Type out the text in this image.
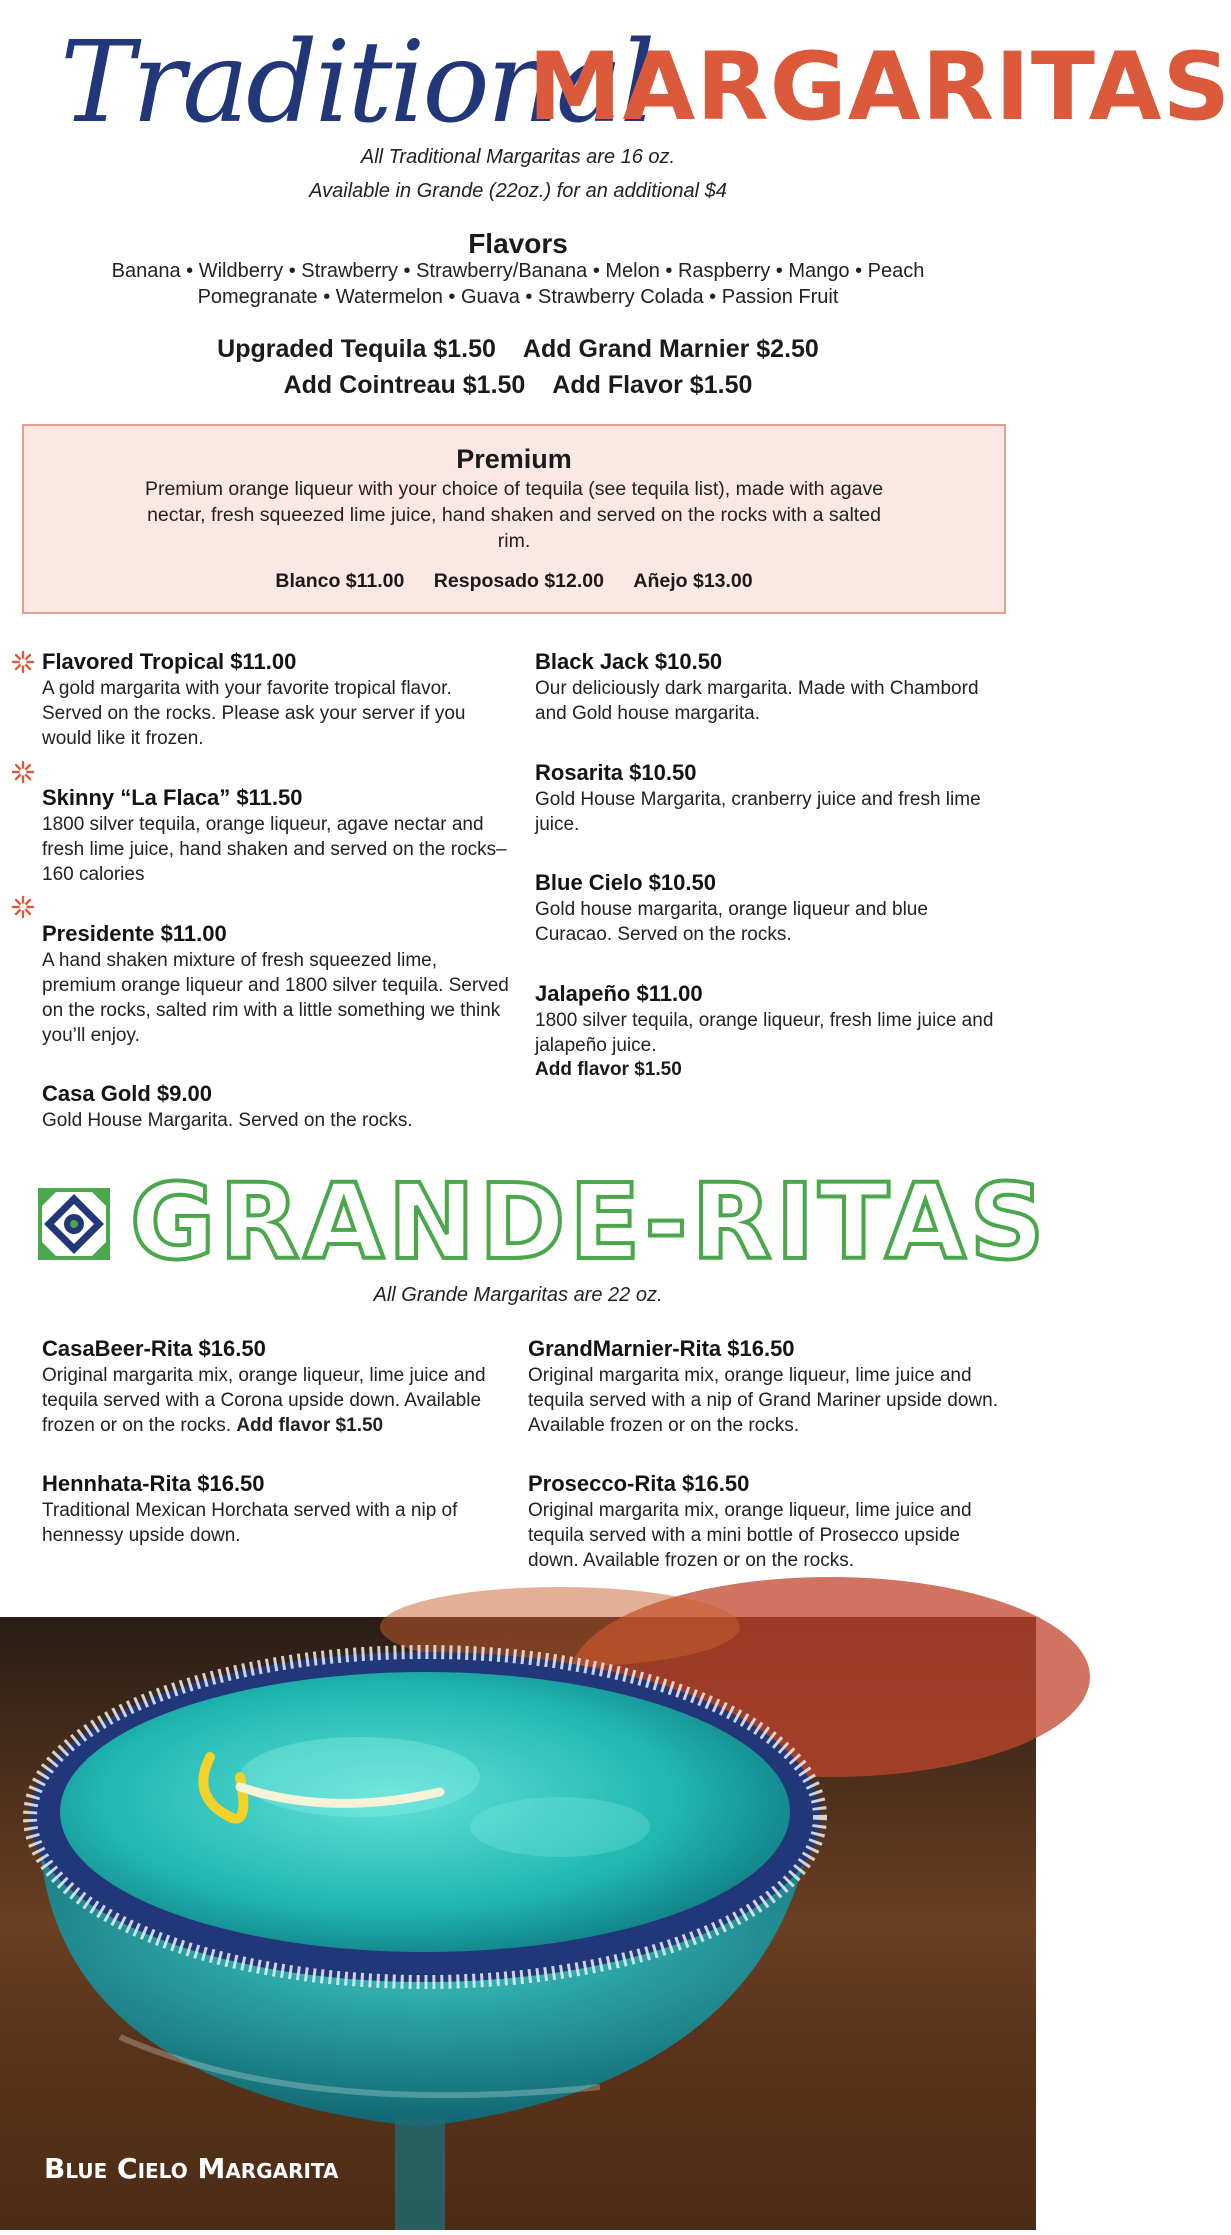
Traditional
MARGARITAS
All Traditional Margaritas are 16 oz.
Available in Grande (22oz.) for an additional $4
Flavors
Banana • Wildberry • Strawberry • Strawberry/Banana • Melon • Raspberry • Mango • Peach
Pomegranate • Watermelon • Guava • Strawberry Colada • Passion Fruit
Upgraded Tequila $1.50 Add Grand Marnier $2.50
Add Cointreau $1.50 Add Flavor $1.50
Premium
Premium orange liqueur with your choice of tequila (see tequila list), made with agave nectar, fresh squeezed lime juice, hand shaken and served on the rocks with a salted rim.
Blanco $11.00 Resposado $12.00 Añejo $13.00
Flavored Tropical $11.00
A gold margarita with your favorite tropical flavor. Served on the rocks. Please ask your server if you would like it frozen.
Skinny “La Flaca” $11.50
1800 silver tequila, orange liqueur, agave nectar and fresh lime juice, hand shaken and served on the rocks–160 calories
Presidente $11.00
A hand shaken mixture of fresh squeezed lime, premium orange liqueur and 1800 silver tequila. Served on the rocks, salted rim with a little something we think you’ll enjoy.
Casa Gold $9.00
Gold House Margarita. Served on the rocks.
Black Jack $10.50
Our deliciously dark margarita. Made with Chambord and Gold house margarita.
Rosarita $10.50
Gold House Margarita, cranberry juice and fresh lime juice.
Blue Cielo $10.50
Gold house margarita, orange liqueur and blue Curacao. Served on the rocks.
Jalapeño $11.00
1800 silver tequila, orange liqueur, fresh lime juice and jalapeño juice.
Add flavor $1.50
GRANDE-RITAS
All Grande Margaritas are 22 oz.
CasaBeer-Rita $16.50
Original margarita mix, orange liqueur, lime juice and tequila served with a Corona upside down. Available frozen or on the rocks. Add flavor $1.50
GrandMarnier-Rita $16.50
Original margarita mix, orange liqueur, lime juice and tequila served with a nip of Grand Mariner upside down. Available frozen or on the rocks.
Hennhata-Rita $16.50
Traditional Mexican Horchata served with a nip of hennessy upside down.
Prosecco-Rita $16.50
Original margarita mix, orange liqueur, lime juice and tequila served with a mini bottle of Prosecco upside down. Available frozen or on the rocks.
Blue Cielo Margarita
